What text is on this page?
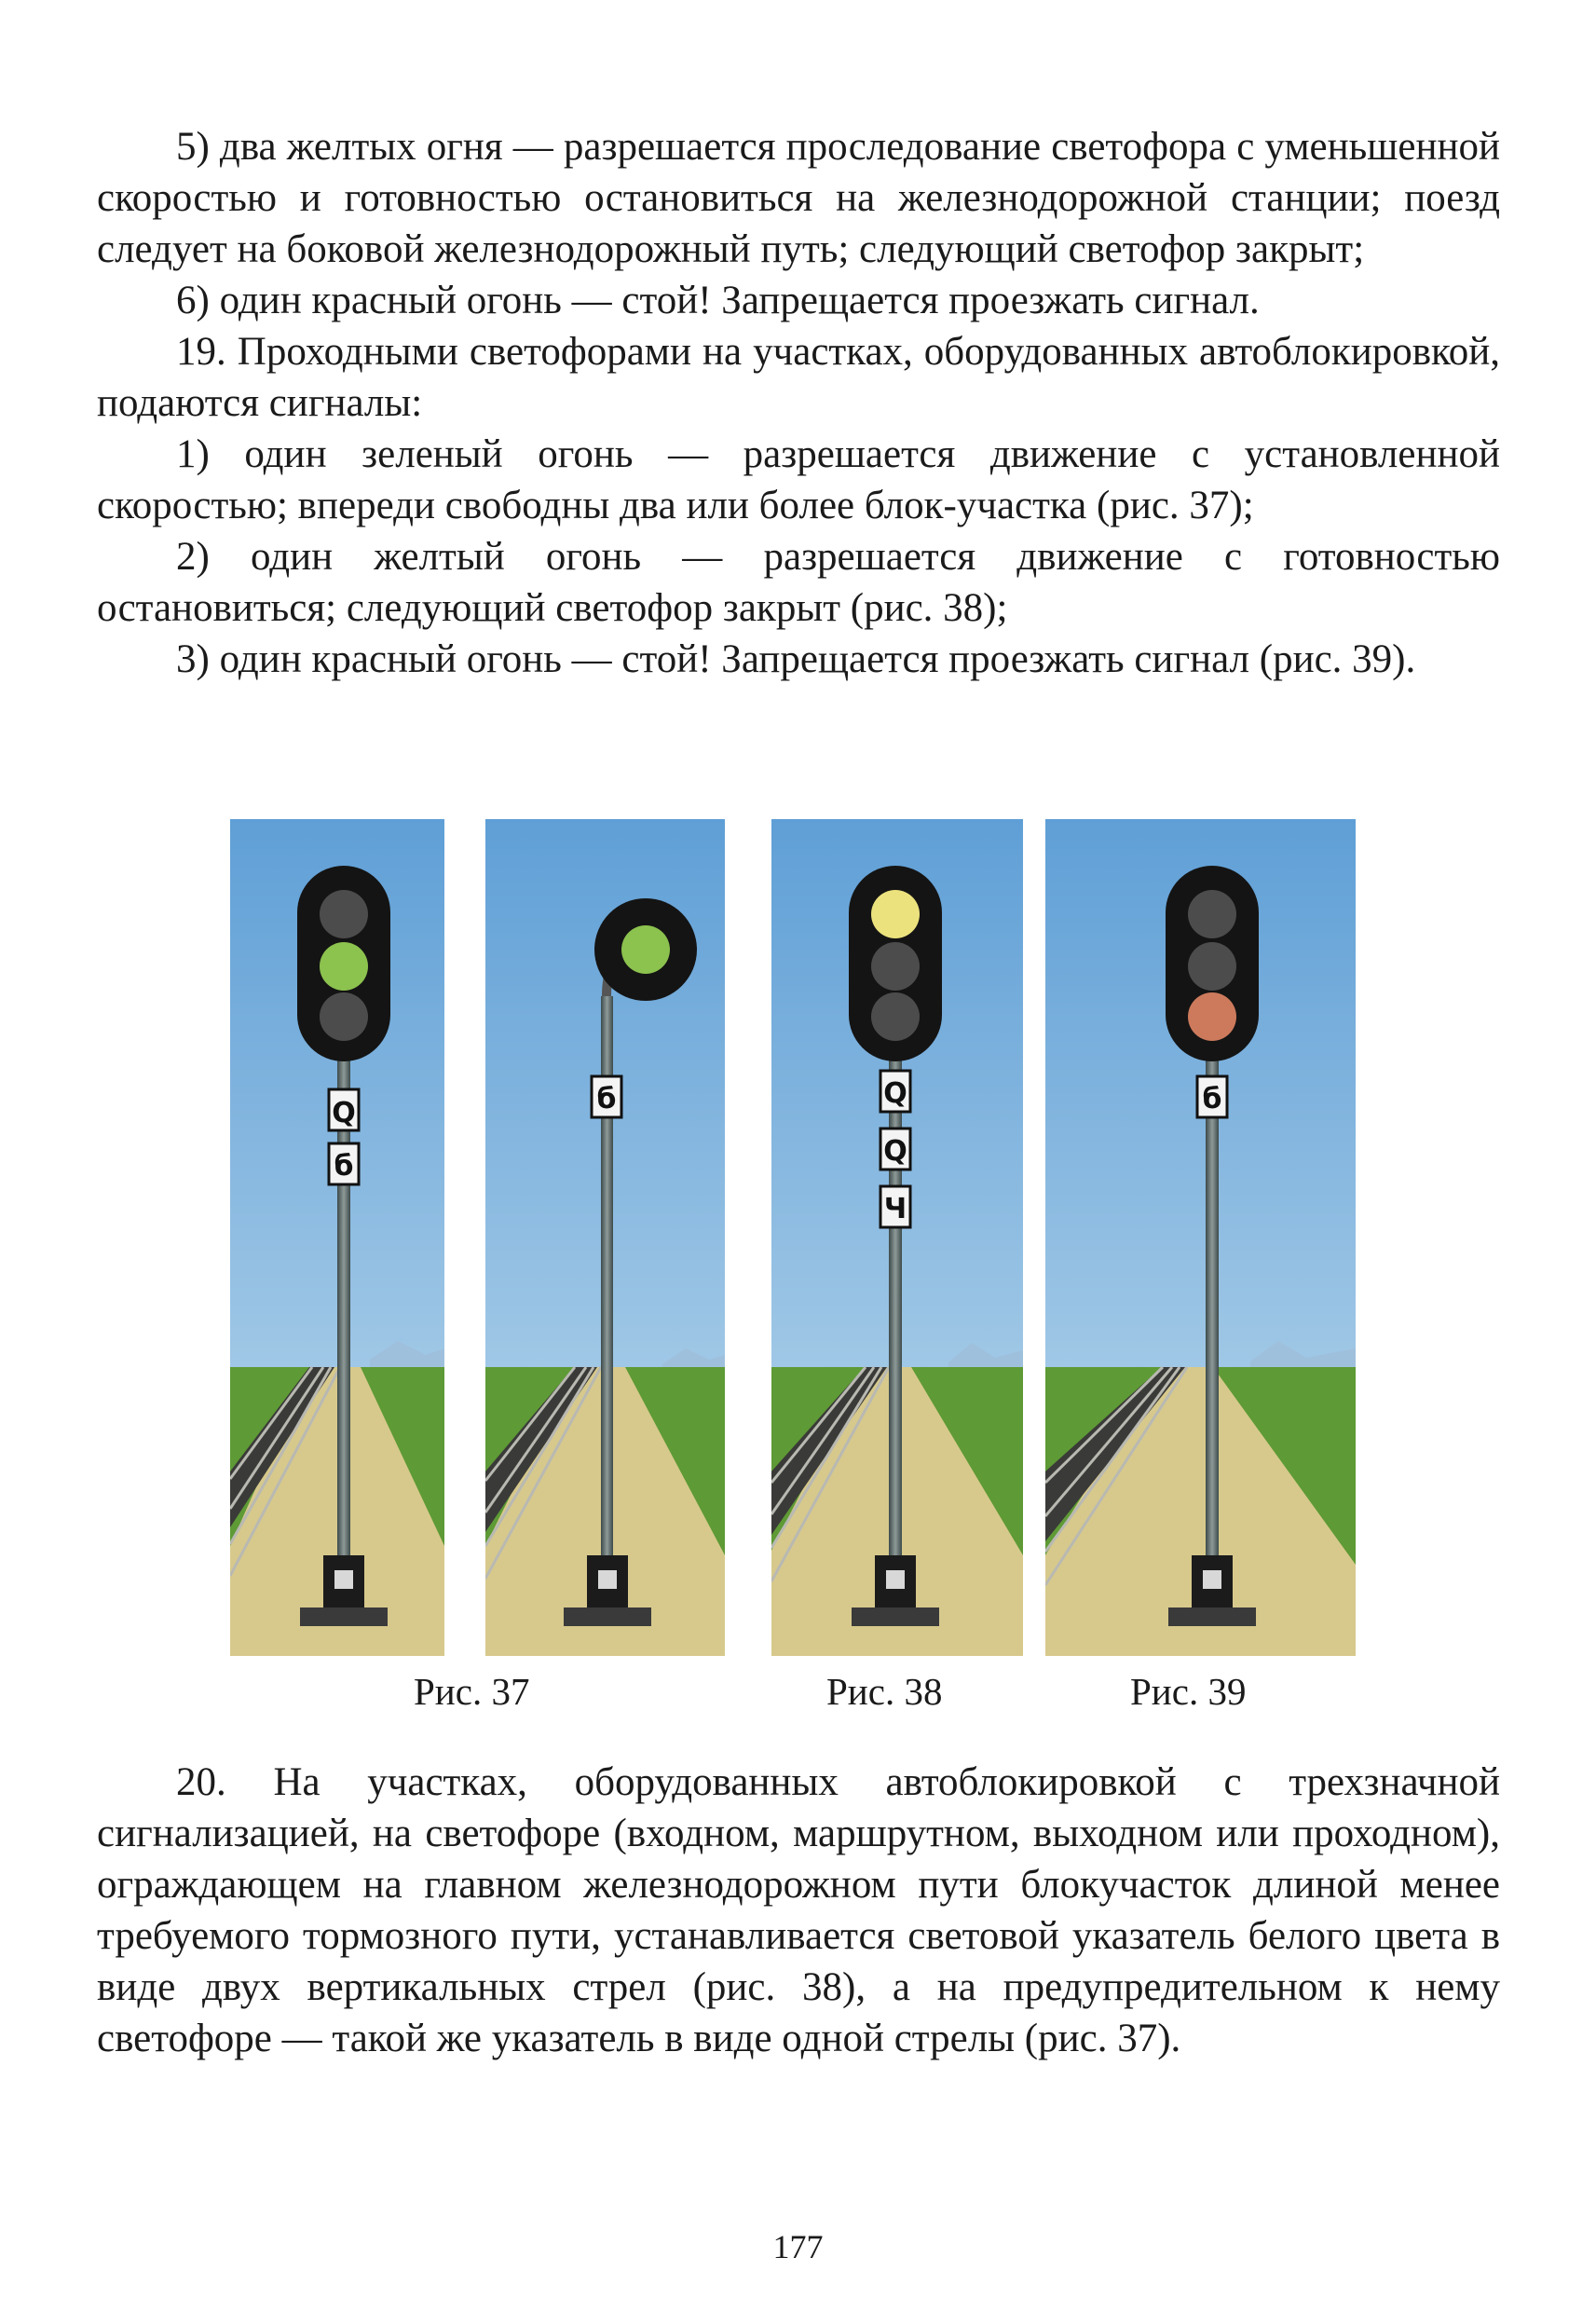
5) два желтых огня — разрешается проследование светофора с уменьшенной скоростью и готовностью остановиться на железнодорожной станции; поезд следует на боковой железнодорожный путь; следующий светофор закрыт;

6) один красный огонь — стой! Запрещается проезжать сигнал.

19. Проходными светофорами на участках, оборудованных автоблокировкой, подаются сигналы:

1) один зеленый огонь — разрешается движение с установленной скоростью; впереди свободны два или более блок-участка (рис. 37);

2) один желтый огонь — разрешается движение с готовностью остановиться; следующий светофор закрыт (рис. 38);

3) один красный огонь — стой! Запрещается проезжать сигнал (рис. 39).

Q
б
б	Q
Q
Ч
б
Рис. 37	Рис. 38	Рис. 39

20. На участках, оборудованных автоблокировкой с трехзначной сигнализацией, на светофоре (входном, маршрутном, выходном или проходном), ограждающем на главном железнодорожном пути блокучасток длиной менее требуемого тормозного пути, устанавливается световой указатель белого цвета в виде двух вертикальных стрел (рис. 38), а на предупредительном к нему светофоре — такой же указатель в виде одной стрелы (рис. 37).

177
